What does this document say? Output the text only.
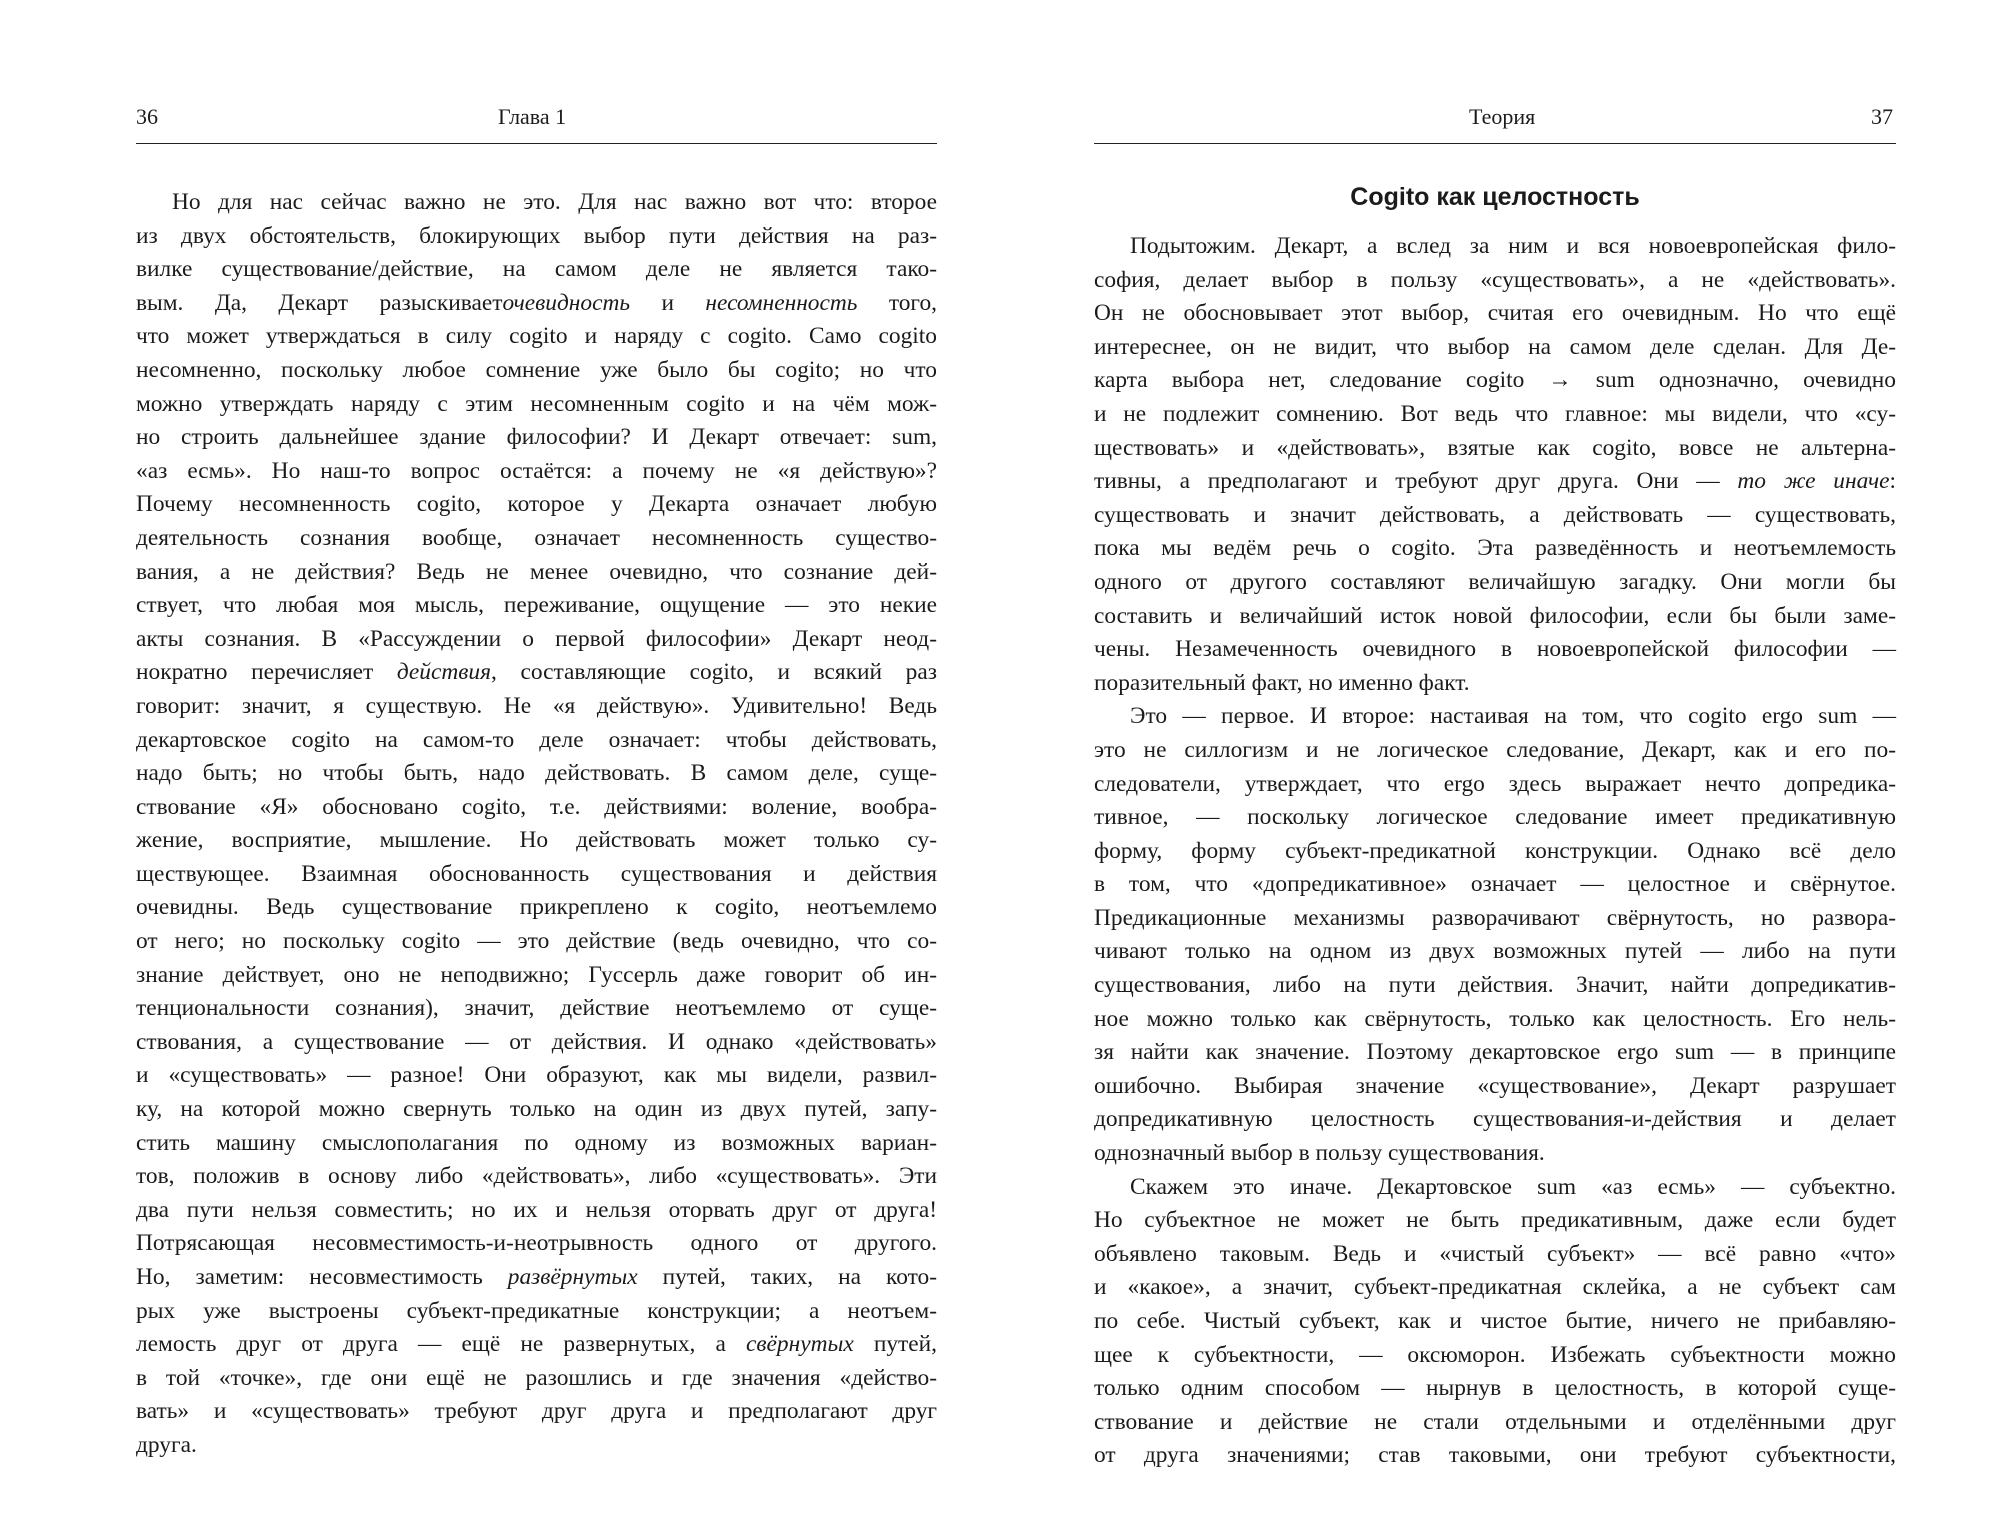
36	Глава 1
Но для нас сейчас важно не это. Для нас важно вот что: второе
из двух обстоятельств, блокирующих выбор пути действия на раз-
вилке существование/действие, на самом деле не является тако-
вым. Да, Декарт разыскиваеточевидность и несомненность того,
что может утверждаться в силу cogito и наряду с cogito. Само cogito
несомненно, поскольку любое сомнение уже было бы cogito; но что
можно утверждать наряду с этим несомненным cogito и на чём мож-
но строить дальнейшее здание философии? И Декарт отвечает: sum,
«аз есмь». Но наш-то вопрос остаётся: а почему не «я действую»?
Почему несомненность cogito, которое у Декарта означает любую
деятельность сознания вообще, означает несомненность существо-
вания, а не действия? Ведь не менее очевидно, что сознание дей-
ствует, что любая моя мысль, переживание, ощущение — это некие
акты сознания. В «Рассуждении о первой философии» Декарт неод-
нократно перечисляет действия, составляющие cogito, и всякий раз
говорит: значит, я существую. Не «я действую». Удивительно! Ведь
декартовское cogito на самом-то деле означает: чтобы действовать,
надо быть; но чтобы быть, надо действовать. В самом деле, суще-
ствование «Я» обосновано cogito, т.е. действиями: воление, вообра-
жение, восприятие, мышление. Но действовать может только су-
ществующее. Взаимная обоснованность существования и действия
очевидны. Ведь существование прикреплено к cogito, неотъемлемо
от него; но поскольку cogito — это действие (ведь очевидно, что со-
знание действует, оно не неподвижно; Гуссерль даже говорит об ин-
тенциональности сознания), значит, действие неотъемлемо от суще-
ствования, а существование — от действия. И однако «действовать»
и «существовать» — разное! Они образуют, как мы видели, развил-
ку, на которой можно свернуть только на один из двух путей, запу-
стить машину смыслополагания по одному из возможных вариан-
тов, положив в основу либо «действовать», либо «существовать». Эти
два пути нельзя совместить; но их и нельзя оторвать друг от друга!
Потрясающая несовместимость-и-неотрывность одного от другого.
Но, заметим: несовместимость развёрнутых путей, таких, на кото-
рых уже выстроены субъект-предикатные конструкции; а неотъем-
лемость друг от друга — ещё не развернутых, а свёрнутых путей,
в той «точке», где они ещё не разошлись и где значения «действо-
вать» и «существовать» требуют друг друга и предполагают друг
друга.
Теория	37
Cogito как целостность
Подытожим. Декарт, а вслед за ним и вся новоевропейская фило-
софия, делает выбор в пользу «существовать», а не «действовать».
Он не обосновывает этот выбор, считая его очевидным. Но что ещё
интереснее, он не видит, что выбор на самом деле сделан. Для Де-
карта выбора нет, следование cogito → sum однозначно, очевидно
и не подлежит сомнению. Вот ведь что главное: мы видели, что «су-
ществовать» и «действовать», взятые как cogito, вовсе не альтерна-
тивны, а предполагают и требуют друг друга. Они — то же иначе:
существовать и значит действовать, а действовать — существовать,
пока мы ведём речь о cogito. Эта разведённость и неотъемлемость
одного от другого составляют величайшую загадку. Они могли бы
составить и величайший исток новой философии, если бы были заме-
чены. Незамеченность очевидного в новоевропейской философии —
поразительный факт, но именно факт.
Это — первое. И второе: настаивая на том, что cogito ergo sum —
это не силлогизм и не логическое следование, Декарт, как и его по-
следователи, утверждает, что ergo здесь выражает нечто допредика-
тивное, — поскольку логическое следование имеет предикативную
форму, форму субъект-предикатной конструкции. Однако всё дело
в том, что «допредикативное» означает — целостное и свёрнутое.
Предикационные механизмы разворачивают свёрнутость, но развора-
чивают только на одном из двух возможных путей — либо на пути
существования, либо на пути действия. Значит, найти допредикатив-
ное можно только как свёрнутость, только как целостность. Его нель-
зя найти как значение. Поэтому декартовское ergo sum — в принципе
ошибочно. Выбирая значение «существование», Декарт разрушает
допредикативную целостность существования-и-действия и делает
однозначный выбор в пользу существования.
Скажем это иначе. Декартовское sum «аз есмь» — субъектно.
Но субъектное не может не быть предикативным, даже если будет
объявлено таковым. Ведь и «чистый субъект» — всё равно «что»
и «какое», а значит, субъект-предикатная склейка, а не субъект сам
по себе. Чистый субъект, как и чистое бытие, ничего не прибавляю-
щее к субъектности, — оксюморон. Избежать субъектности можно
только одним способом — нырнув в целостность, в которой суще-
ствование и действие не стали отдельными и отделёнными друг
от друга значениями; став таковыми, они требуют субъектности,
